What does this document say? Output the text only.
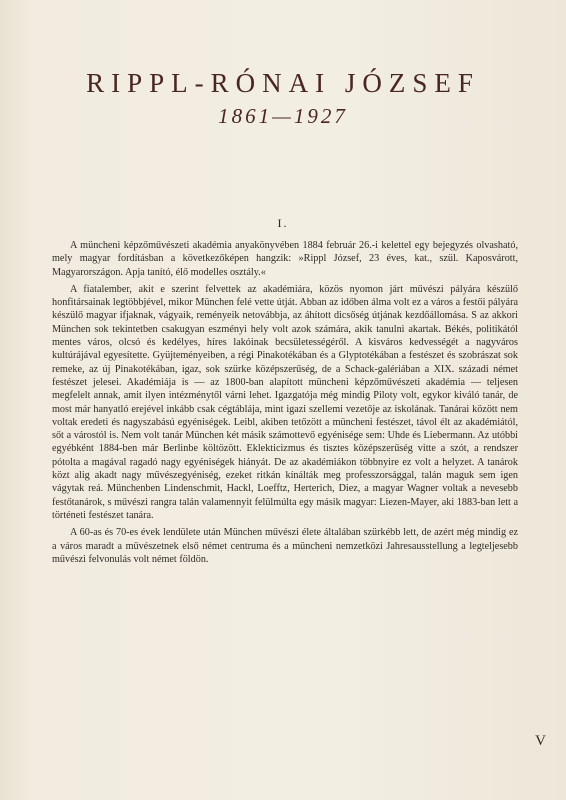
RIPPL-RÓNAI JÓZSEF
1861—1927
I.

A müncheni képzőművészeti akadémia anyakönyvében 1884 február 26.-i kelettel egy bejegyzés olvasható, mely magyar fordításban a következőképen hangzik: »Rippl József, 23 éves, kat., szül. Kaposvárott, Magyarországon. Apja tanító, élő modelles osztály.«

A fiatalember, akit e szerint felvettek az akadémiára, közös nyomon járt művészi pályára készülő honfitársainak legtöbbjével, mikor München felé vette útját. Abban az időben álma volt ez a város a festői pályára készülő magyar ifjaknak, vágyaik, reményeik netovábbja, az áhított dicsőség útjának kezdőállomása. S az akkori München sok tekintetben csakugyan eszményi hely volt azok számára, akik tanulni akartak. Békés, politikától mentes város, olcsó és kedélyes, híres lakóinak becsületességéről. A kisváros kedvességét a nagyváros kultúrájával egyesítette. Gyüjteményeiben, a régi Pinakotékában és a Glyptotékában a festészet és szobrászat sok remeke, az új Pinakotékában, igaz, sok szürke középszerűség, de a Schack-galériában a XIX. századi német festészet jelesei. Akadémiája is — az 1800-ban alapított müncheni képzőművészeti akadémia — teljesen megfelelt annak, amit ilyen intézménytől várni lehet. Igazgatója még mindig Piloty volt, egykor kiváló tanár, de most már hanyatló erejével inkább csak cégtáblája, mint igazi szellemi vezetője az iskolának. Tanárai között nem voltak eredeti és nagyszabású egyéniségek. Leibl, akiben tetőzött a müncheni festészet, távol élt az akadémiától, sőt a várostól is. Nem volt tanár München két másik számottevő egyénisége sem: Uhde és Liebermann. Az utóbbi egyébként 1884-ben már Berlinbe költözött. Eklekticizmus és tisztes középszerűség vitte a szót, a rendszer pótolta a magával ragadó nagy egyéniségek hiányát. De az akadémiákon többnyire ez volt a helyzet. A tanárok közt alig akadt nagy művészegyéniség, ezeket ritkán kínálták meg professzorsággal, talán maguk sem igen vágytak reá. Münchenben Lindenschmit, Hackl, Loefftz, Herterich, Diez, a magyar Wagner voltak a nevesebb festőtanárok, s művészi rangra talán valamennyit felülmúlta egy másik magyar: Liezen-Mayer, aki 1883-ban lett a történeti festészet tanára.

A 60-as és 70-es évek lendülete után München művészi élete általában szürkébb lett, de azért még mindig ez a város maradt a művészetnek első német centruma és a müncheni nemzetközi Jahresausstellung a legteljesebb művészi felvonulás volt német földön.

V
